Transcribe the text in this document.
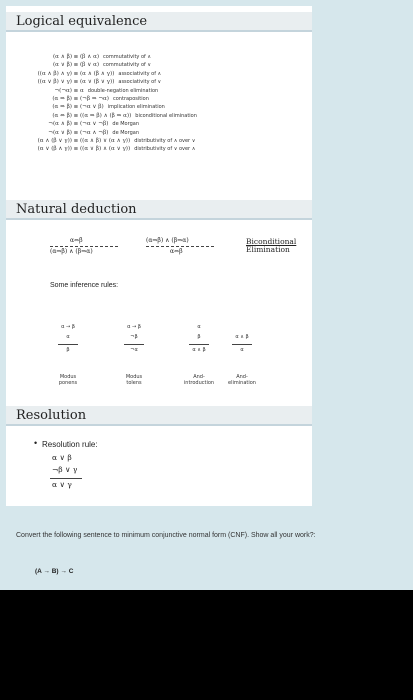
Logical equivalence
(α ∧ β) ≡ (β ∧ α) commutativity of ∧
(α ∨ β) ≡ (β ∨ α) commutativity of ∨
((α ∧ β) ∧ γ) ≡ (α ∧ (β ∧ γ)) associativity of ∧
((α ∨ β) ∨ γ) ≡ (α ∨ (β ∨ γ)) associativity of ∨
¬(¬α) ≡ α double-negation elimination
(α ⇒ β) ≡ (¬β ⇒ ¬α) contraposition
(α ⇒ β) ≡ (¬α ∨ β) implication elimination
(α ⇔ β) ≡ ((α ⇒ β) ∧ (β ⇒ α)) biconditional elimination
¬(α ∧ β) ≡ (¬α ∨ ¬β) de Morgan
¬(α ∨ β) ≡ (¬α ∧ ¬β) de Morgan
(α ∧ (β ∨ γ)) ≡ ((α ∧ β) ∨ (α ∧ γ)) distributivity of ∧ over ∨
(α ∨ (β ∧ γ)) ≡ ((α ∨ β) ∧ (α ∨ γ)) distributivity of ∨ over ∧
Natural deduction
α⇔β
(α⇒β) ∧ (β⇒α)
(α⇒β) ∧ (β⇒α)
α⇔β
Biconditional
Elimination
Some inference rules:
α → β
α
β
Modus
ponens
α → β
¬β
¬α
Modus
tolens
α
β
α ∧ β
And-
introduction
α ∧ β
α
And-
elimination
Resolution
• Resolution rule:
α ∨ β
¬β ∨ γ
α ∨ γ
Convert the following sentence to minimum conjunctive normal form (CNF). Show all your work?:
(A → B) → C
